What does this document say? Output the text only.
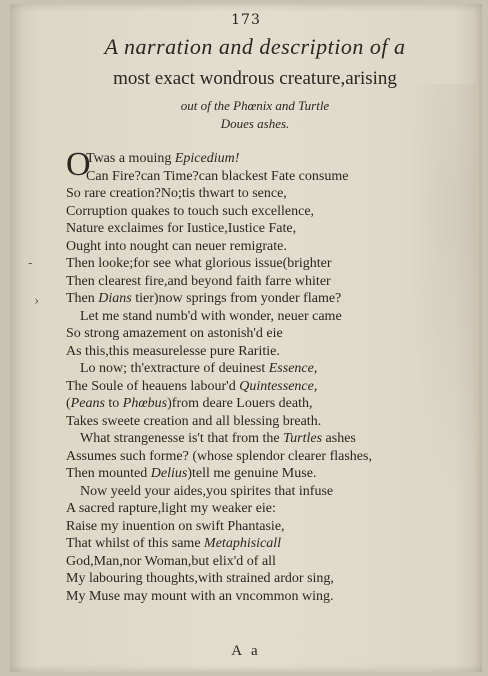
173
A narration and description of a
most exact wondrous creature,arising
out of the Phœnix and Turtle
Doues ashes.
-
›
O
Twas a mouing Epicedium!
Can Fire?can Time?can blackest Fate consume
So rare creation?No;tis thwart to sence,
Corruption quakes to touch such excellence,
Nature exclaimes for Iustice,Iustice Fate,
Ought into nought can neuer remigrate.
Then looke;for see what glorious issue(brighter
Then clearest fire,and beyond faith farre whiter
Then Dians tier)now springs from yonder flame?
Let me stand numb'd with wonder, neuer came
So strong amazement on astonish'd eie
As this,this measurelesse pure Raritie.
Lo now; th'extracture of deuinest Essence,
The Soule of heauens labour'd Quintessence,
(Peans to Phœbus)from deare Louers death,
Takes sweete creation and all blessing breath.
What strangenesse is't that from the Turtles ashes
Assumes such forme? (whose splendor clearer flashes,
Then mounted Delius)tell me genuine Muse.
Now yeeld your aides,you spirites that infuse
A sacred rapture,light my weaker eie:
Raise my inuention on swift Phantasie,
That whilst of this same Metaphisicall
God,Man,nor Woman,but elix'd of all
My labouring thoughts,with strained ardor sing,
My Muse may mount with an vncommon wing.
A a
